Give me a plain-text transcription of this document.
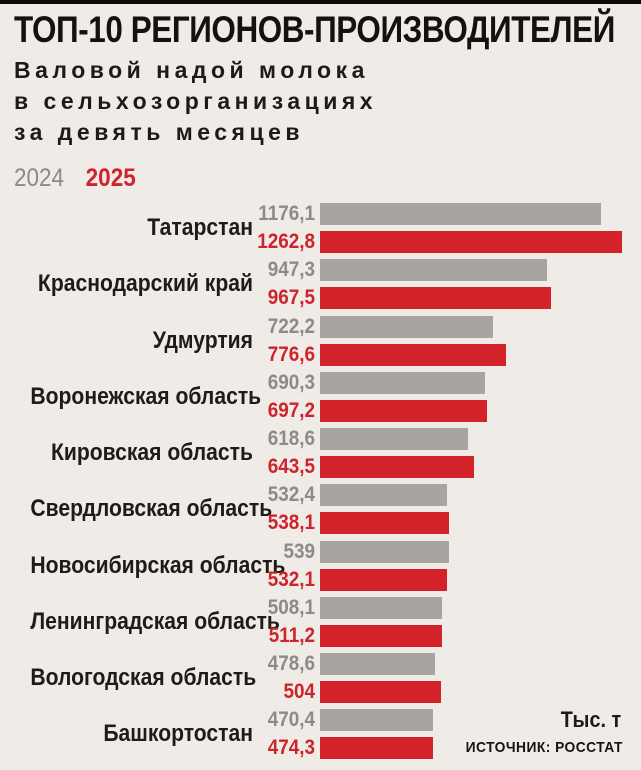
ТОП-10 РЕГИОНОВ-ПРОИЗВОДИТЕЛЕЙ
Валовой надой молока
в сельхозорганизациях
за девять месяцев
2024 2025
Татарстан
1176,1
1262,8
Краснодарский край
947,3
967,5
Удмуртия
722,2
776,6
Воронежская область
690,3
697,2
Кировская область
618,6
643,5
Свердловская область
532,4
538,1
Новосибирская область
539
532,1
Ленинградская область
508,1
511,2
Вологодская область
478,6
504
Башкортостан
470,4
474,3
Тыс. т
ИСТОЧНИК: РОССТАТ
